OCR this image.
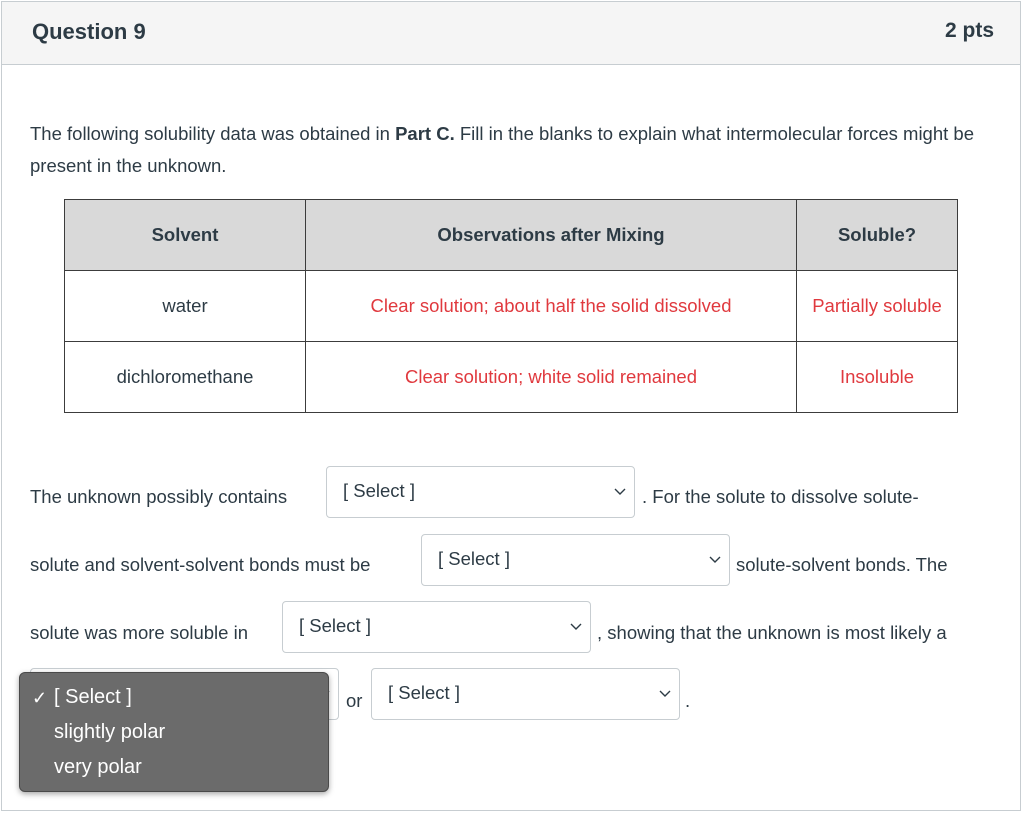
Question 9	2 pts
The following solubility data was obtained in Part C. Fill in the blanks to explain what intermolecular forces might be present in the unknown.
Solvent	Observations after Mixing	Soluble?
water	Clear solution; about half the solid dissolved	Partially soluble
dichloromethane	Clear solution; white solid remained	Insoluble
The unknown possibly contains	[ Select ]	. For the solute to dissolve solute-
solute and solvent-solvent bonds must be	[ Select ]	solute-solvent bonds. The
solute was more soluble in	[ Select ]	, showing that the unknown is most likely a
or [ Select ]	.
✓ [ Select ]
slightly polar
very polar
